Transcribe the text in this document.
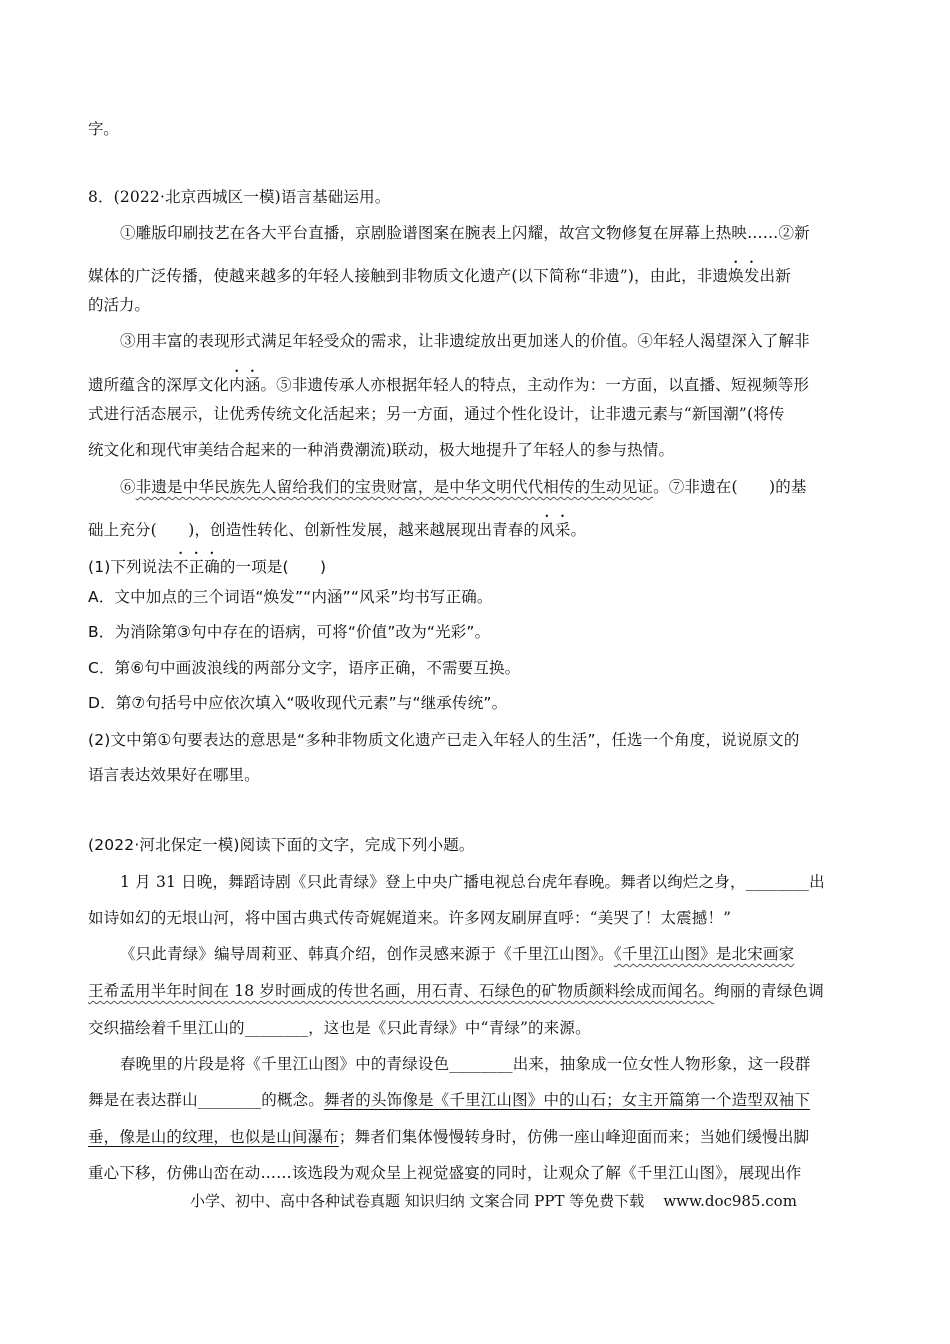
字。
8．(2022·北京西城区一模)语言基础运用。
①雕版印刷技艺在各大平台直播，京剧脸谱图案在腕表上闪耀，故宫文物修复在屏幕上热映……②新
媒体的广泛传播，使越来越多的年轻人接触到非物质文化遗产(以下简称“非遗”)，由此，非遗焕发出新
的活力。
③用丰富的表现形式满足年轻受众的需求，让非遗绽放出更加迷人的价值。④年轻人渴望深入了解非
遗所蕴含的深厚文化内涵。⑤非遗传承人亦根据年轻人的特点，主动作为：一方面，以直播、短视频等形
式进行活态展示，让优秀传统文化活起来；另一方面，通过个性化设计，让非遗元素与“新国潮”(将传
统文化和现代审美结合起来的一种消费潮流)联动，极大地提升了年轻人的参与热情。
⑥非遗是中华民族先人留给我们的宝贵财富，是中华文明代代相传的生动见证。⑦非遗在(　　)的基
础上充分(　　)，创造性转化、创新性发展，越来越展现出青春的风采。
(1)下列说法不正确的一项是(　　)
A．文中加点的三个词语“焕发”“内涵”“风采”均书写正确。
B．为消除第③句中存在的语病，可将“价值”改为“光彩”。
C．第⑥句中画波浪线的两部分文字，语序正确，不需要互换。
D．第⑦句括号中应依次填入“吸收现代元素”与“继承传统”。
(2)文中第①句要表达的意思是“多种非物质文化遗产已走入年轻人的生活”，任选一个角度，说说原文的
语言表达效果好在哪里。
(2022·河北保定一模)阅读下面的文字，完成下列小题。
1 月 31 日晚，舞蹈诗剧《只此青绿》登上中央广播电视总台虎年春晚。舞者以绚烂之身，________出
如诗如幻的无垠山河，将中国古典式传奇娓娓道来。许多网友刷屏直呼：“美哭了！太震撼！”
《只此青绿》编导周莉亚、韩真介绍，创作灵感来源于《千里江山图》。《千里江山图》是北宋画家
王希孟用半年时间在 18 岁时画成的传世名画，用石青、石绿色的矿物质颜料绘成而闻名。绚丽的青绿色调
交织描绘着千里江山的________，这也是《只此青绿》中“青绿”的来源。
春晚里的片段是将《千里江山图》中的青绿设色________出来，抽象成一位女性人物形象，这一段群
舞是在表达群山________的概念。舞者的头饰像是《千里江山图》中的山石；女主开篇第一个造型双袖下
垂，像是山的纹理，也似是山间瀑布；舞者们集体慢慢转身时，仿佛一座山峰迎面而来；当她们缓慢出脚
重心下移，仿佛山峦在动……该选段为观众呈上视觉盛宴的同时，让观众了解《千里江山图》，展现出作
小学、初中、高中各种试卷真题 知识归纳 文案合同 PPT 等免费下载 www.doc985.com
